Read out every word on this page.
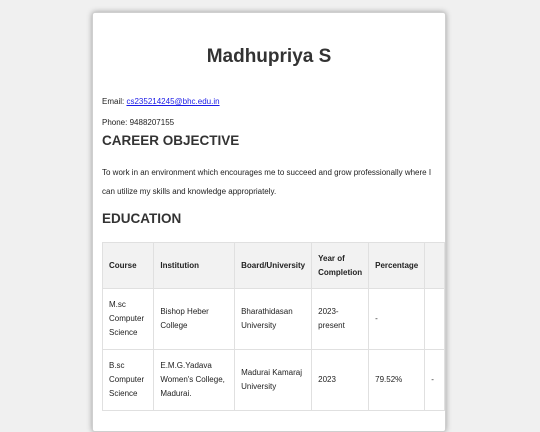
Madhupriya S
Email: cs235214245@bhc.edu.in
Phone: 9488207155
CAREER OBJECTIVE
To work in an environment which encourages me to succeed and grow professionally where I can utilize my skills and knowledge appropriately.
EDUCATION
Course	Institution	Board/University	Year of Completion	Percentage	
M.sc Computer Science	Bishop Heber College	Bharathidasan University	2023-present	-	
B.sc Computer Science	E.M.G.Yadava Women's College, Madurai.	Madurai Kamaraj University	2023	79.52%	-
